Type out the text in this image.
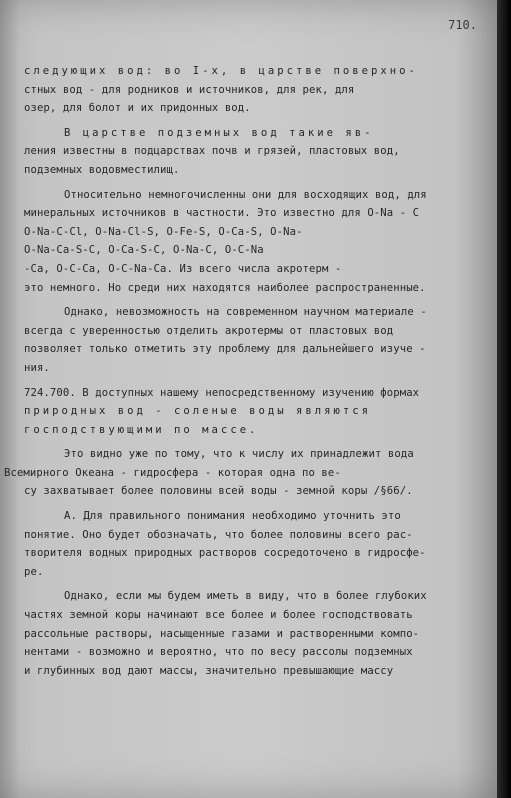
710.
следующих вод: во I-х, в царстве поверхно-
стных вод - для родников и источников, для рек, для
озер, для болот и их придонных вод.
В царстве подземных вод такие яв-
ления известны в подцарствах почв и грязей, пластовых вод,
подземных водовместилищ.
Относительно немногочисленны они для восходящих вод, для
минеральных источников в частности. Это известно для O-Na - C
O-Na-C-Cl, O-Na-Cl-S, O-Fe-S, O-Ca-S, O-Na-
O-Na-Ca-S-C, O-Ca-S-C, O-Na-C, O-C-Na
-Ca, O-C-Ca, O-C-Na-Ca. Из всего числа акротерм -
это немного. Но среди них находятся наиболее распространенные.
Однако, невозможность на современном научном материале -
всегда с уверенностью отделить акротермы от пластовых вод
позволяет только отметить эту проблему для дальнейшего изуче -
ния.
724.700. В доступных нашему непосредственному изучению формах
природных вод - соленые воды являются
господствующими по массе.
Это видно уже по тому, что к числу их принадлежит вода
Всемирного Океана - гидросфера - которая одна по ве-
су захватывает более половины всей воды - земной коры /§66/.
А. Для правильного понимания необходимо уточнить это
понятие. Оно будет обозначать, что более половины всего рас-
творителя водных природных растворов сосредоточено в гидросфе-
ре.
Однако, если мы будем иметь в виду, что в более глубоких
частях земной коры начинают все более и более господствовать
рассольные растворы, насыщенные газами и растворенными компо-
нентами - возможно и вероятно, что по весу рассолы подземных
и глубинных вод дают массы, значительно превышающие массу
